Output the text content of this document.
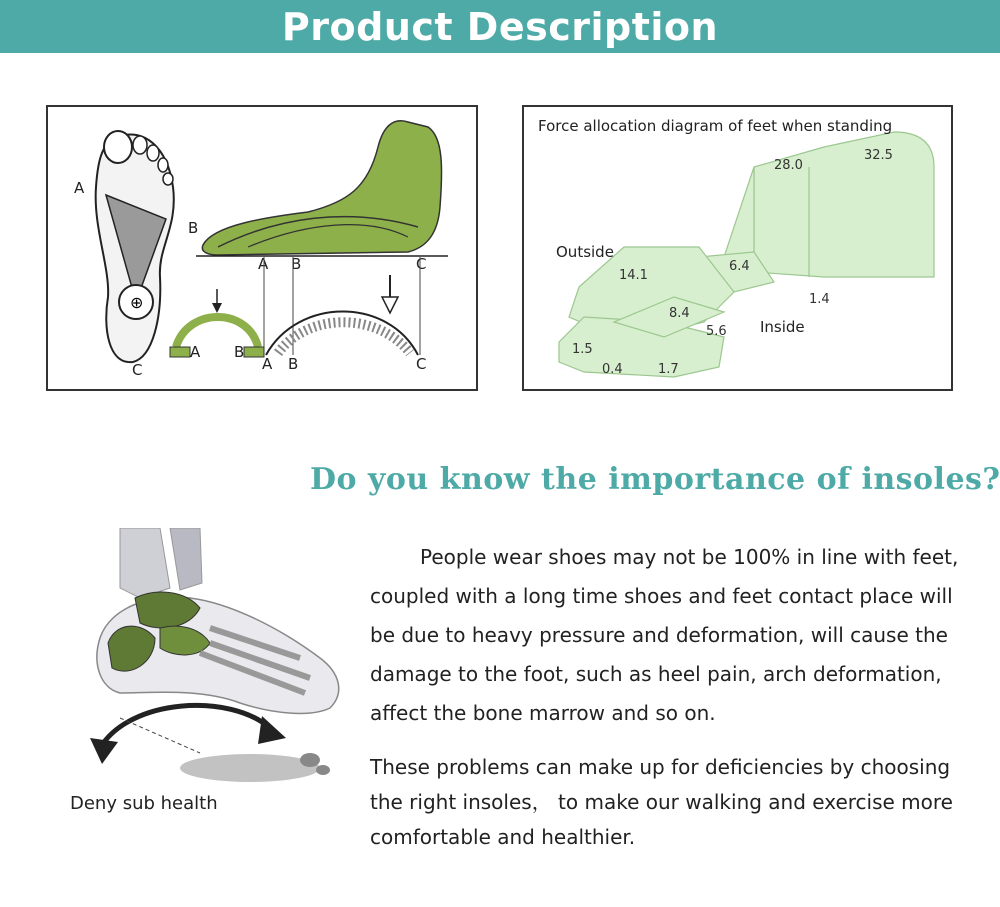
Product Description
⊕
A
B
C
A B	C
A B
A B	C
Force allocation diagram of feet when standing
Outside
Inside
28.0
32.5
14.1
6.4
8.4
1.4
5.6
1.5
0.4	1.7
Do you know the importance of insoles?
Deny sub health
People wear shoes may not be 100% in line with feet, coupled with a long time shoes and feet contact place will be due to heavy pressure and deformation, will cause the damage to the foot, such as heel pain, arch deformation, affect the bone marrow and so on.
These problems can make up for deficiencies by choosing the right insoles， to make our walking and exercise more comfortable and healthier.
